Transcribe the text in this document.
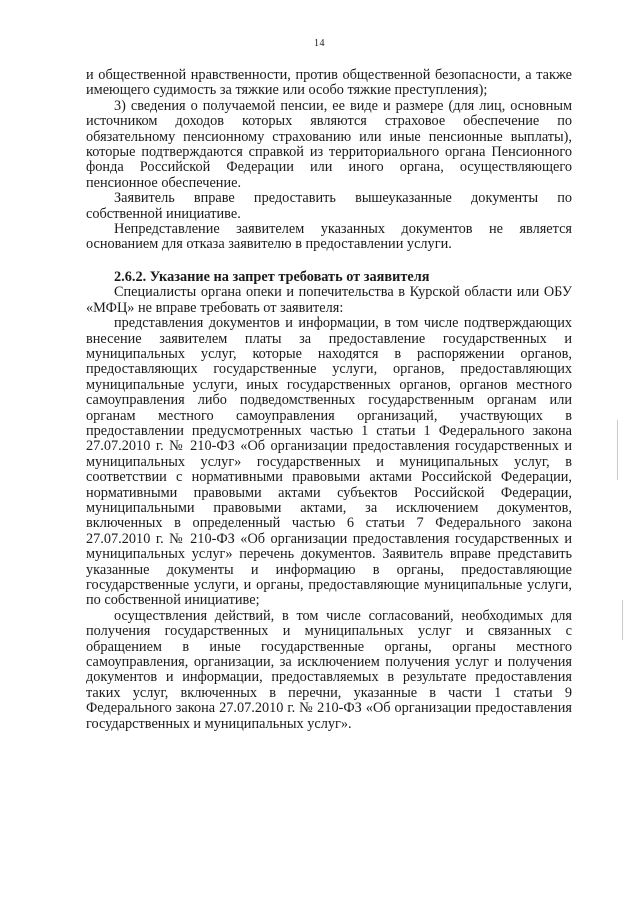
14

и общественной нравственности, против общественной безопасности, а также имеющего судимость за тяжкие или особо тяжкие преступления);

3) сведения о получаемой пенсии, ее виде и размере (для лиц, основным источником доходов которых являются страховое обеспечение по обязательному пенсионному страхованию или иные пенсионные выплаты), которые подтверждаются справкой из территориального органа Пенсионного фонда Российской Федерации или иного органа, осуществляющего пенсионное обеспечение.

Заявитель вправе предоставить вышеуказанные документы по собственной инициативе.

Непредставление заявителем указанных документов не является основанием для отказа заявителю в предоставлении услуги.

2.6.2. Указание на запрет требовать от заявителя

Специалисты органа опеки и попечительства в Курской области или ОБУ «МФЦ» не вправе требовать от заявителя:

представления документов и информации, в том числе подтверждающих внесение заявителем платы за предоставление государственных и муниципальных услуг, которые находятся в распоряжении органов, предоставляющих государственные услуги, органов, предоставляющих муниципальные услуги, иных государственных органов, органов местного самоуправления либо подведомственных государственным органам или органам местного самоуправления организаций, участвующих в предоставлении предусмотренных частью 1 статьи 1 Федерального закона 27.07.2010 г. № 210-ФЗ «Об организации предоставления государственных и муниципальных услуг» государственных и муниципальных услуг, в соответствии с нормативными правовыми актами Российской Федерации, нормативными правовыми актами субъектов Российской Федерации, муниципальными правовыми актами, за исключением документов, включенных в определенный частью 6 статьи 7 Федерального закона 27.07.2010 г. № 210-ФЗ «Об организации предоставления государственных и муниципальных услуг» перечень документов. Заявитель вправе представить указанные документы и информацию в органы, предоставляющие государственные услуги, и органы, предоставляющие муниципальные услуги, по собственной инициативе;

осуществления действий, в том числе согласований, необходимых для получения государственных и муниципальных услуг и связанных с обращением в иные государственные органы, органы местного самоуправления, организации, за исключением получения услуг и получения документов и информации, предоставляемых в результате предоставления таких услуг, включенных в перечни, указанные в части 1 статьи 9 Федерального закона 27.07.2010 г. № 210-ФЗ «Об организации предоставления государственных и муниципальных услуг».
